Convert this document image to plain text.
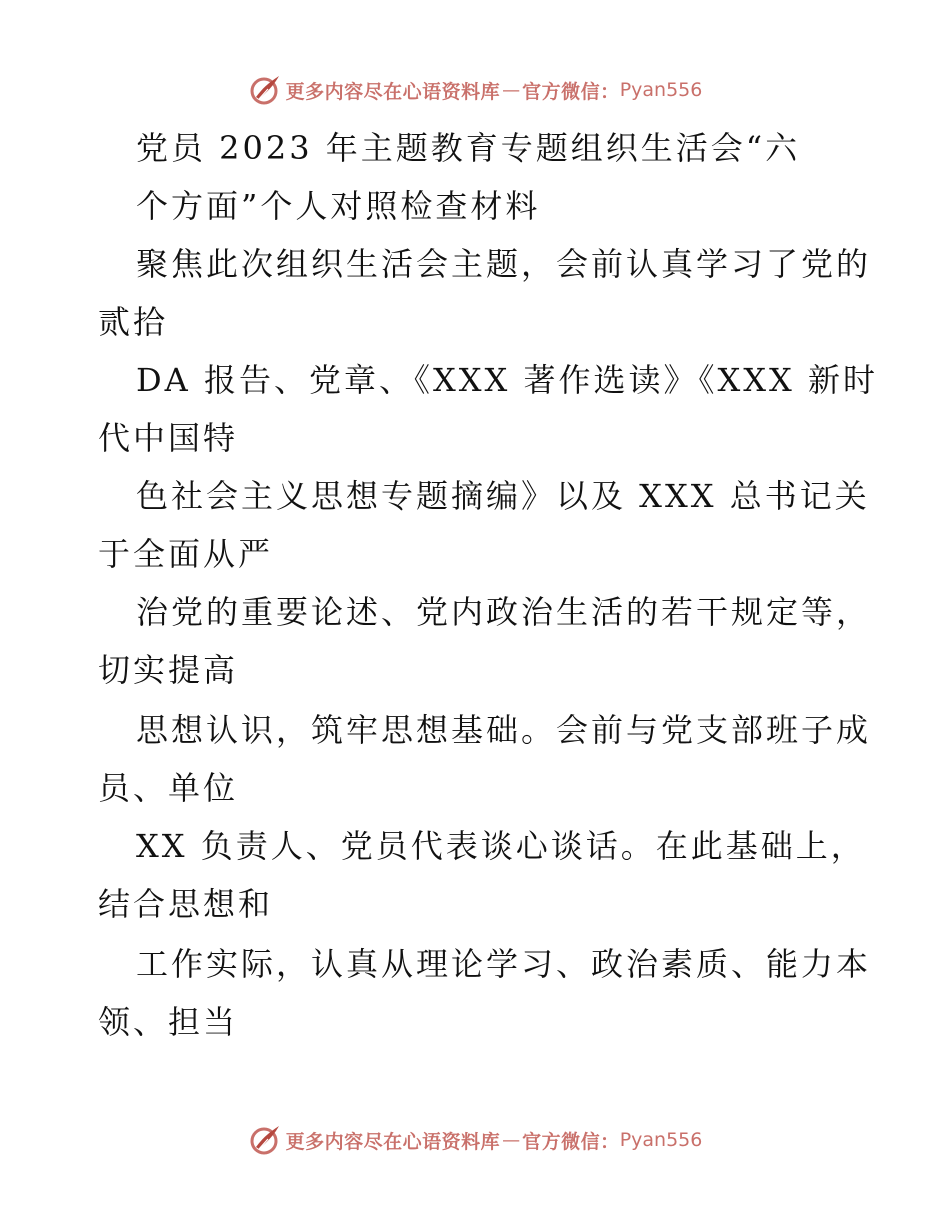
更多内容尽在心语资料库 — 官方微信： Pyan556
党员 2023 年主题教育专题组织生活会“六
个方面”个人对照检查材料
聚焦此次组织生活会主题，会前认真学习了党的
贰拾
DA 报告、党章、《XXX 著作选读》《XXX 新时
代中国特
色社会主义思想专题摘编》以及 XXX 总书记关
于全面从严
治党的重要论述、党内政治生活的若干规定等，
切实提高
思想认识，筑牢思想基础。会前与党支部班子成
员、单位
XX 负责人、党员代表谈心谈话。在此基础上，
结合思想和
工作实际，认真从理论学习、政治素质、能力本
领、担当
更多内容尽在心语资料库 — 官方微信： Pyan556
